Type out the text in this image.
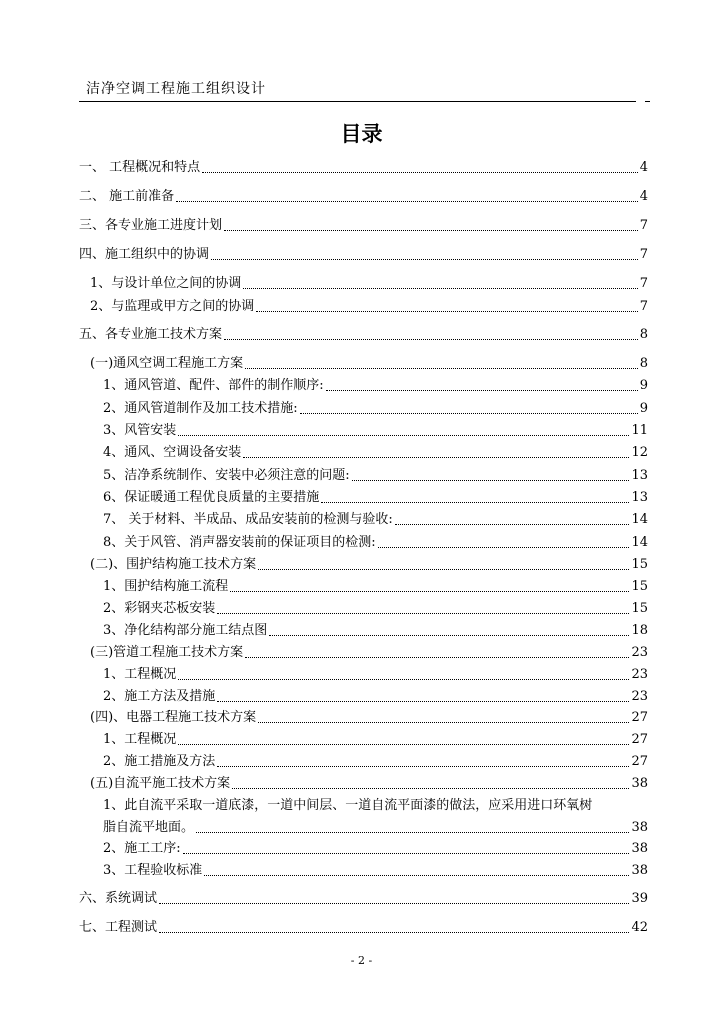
洁净空调工程施工组织设计
目录
一、 工程概况和特点	4
二、 施工前准备	4
三、各专业施工进度计划	7
四、施工组织中的协调	7
1、与设计单位之间的协调	7
2、与监理或甲方之间的协调	7
五、各专业施工技术方案	8
(一)通风空调工程施工方案	8
1、通风管道、配件、部件的制作顺序:	9
2、通风管道制作及加工技术措施:	9
3、风管安装	11
4、通风、空调设备安装	12
5、洁净系统制作、安装中必须注意的问题:	13
6、保证暖通工程优良质量的主要措施	13
7、 关于材料、半成品、成品安装前的检测与验收:	14
8、关于风管、消声器安装前的保证项目的检测:	14
(二)、围护结构施工技术方案	15
1、围护结构施工流程	15
2、彩钢夹芯板安装	15
3、净化结构部分施工结点图	18
(三)管道工程施工技术方案	23
1、工程概况	23
2、施工方法及措施	23
(四)、电器工程施工技术方案	27
1、工程概况	27
2、施工措施及方法	27
(五)自流平施工技术方案	38
1、此自流平采取一道底漆，一道中间层、一道自流平面漆的做法，应采用进口环氧树
脂自流平地面。	38
2、施工工序:	38
3、工程验收标准	38
六、系统调试	39
七、工程测试	42
- 2 -
